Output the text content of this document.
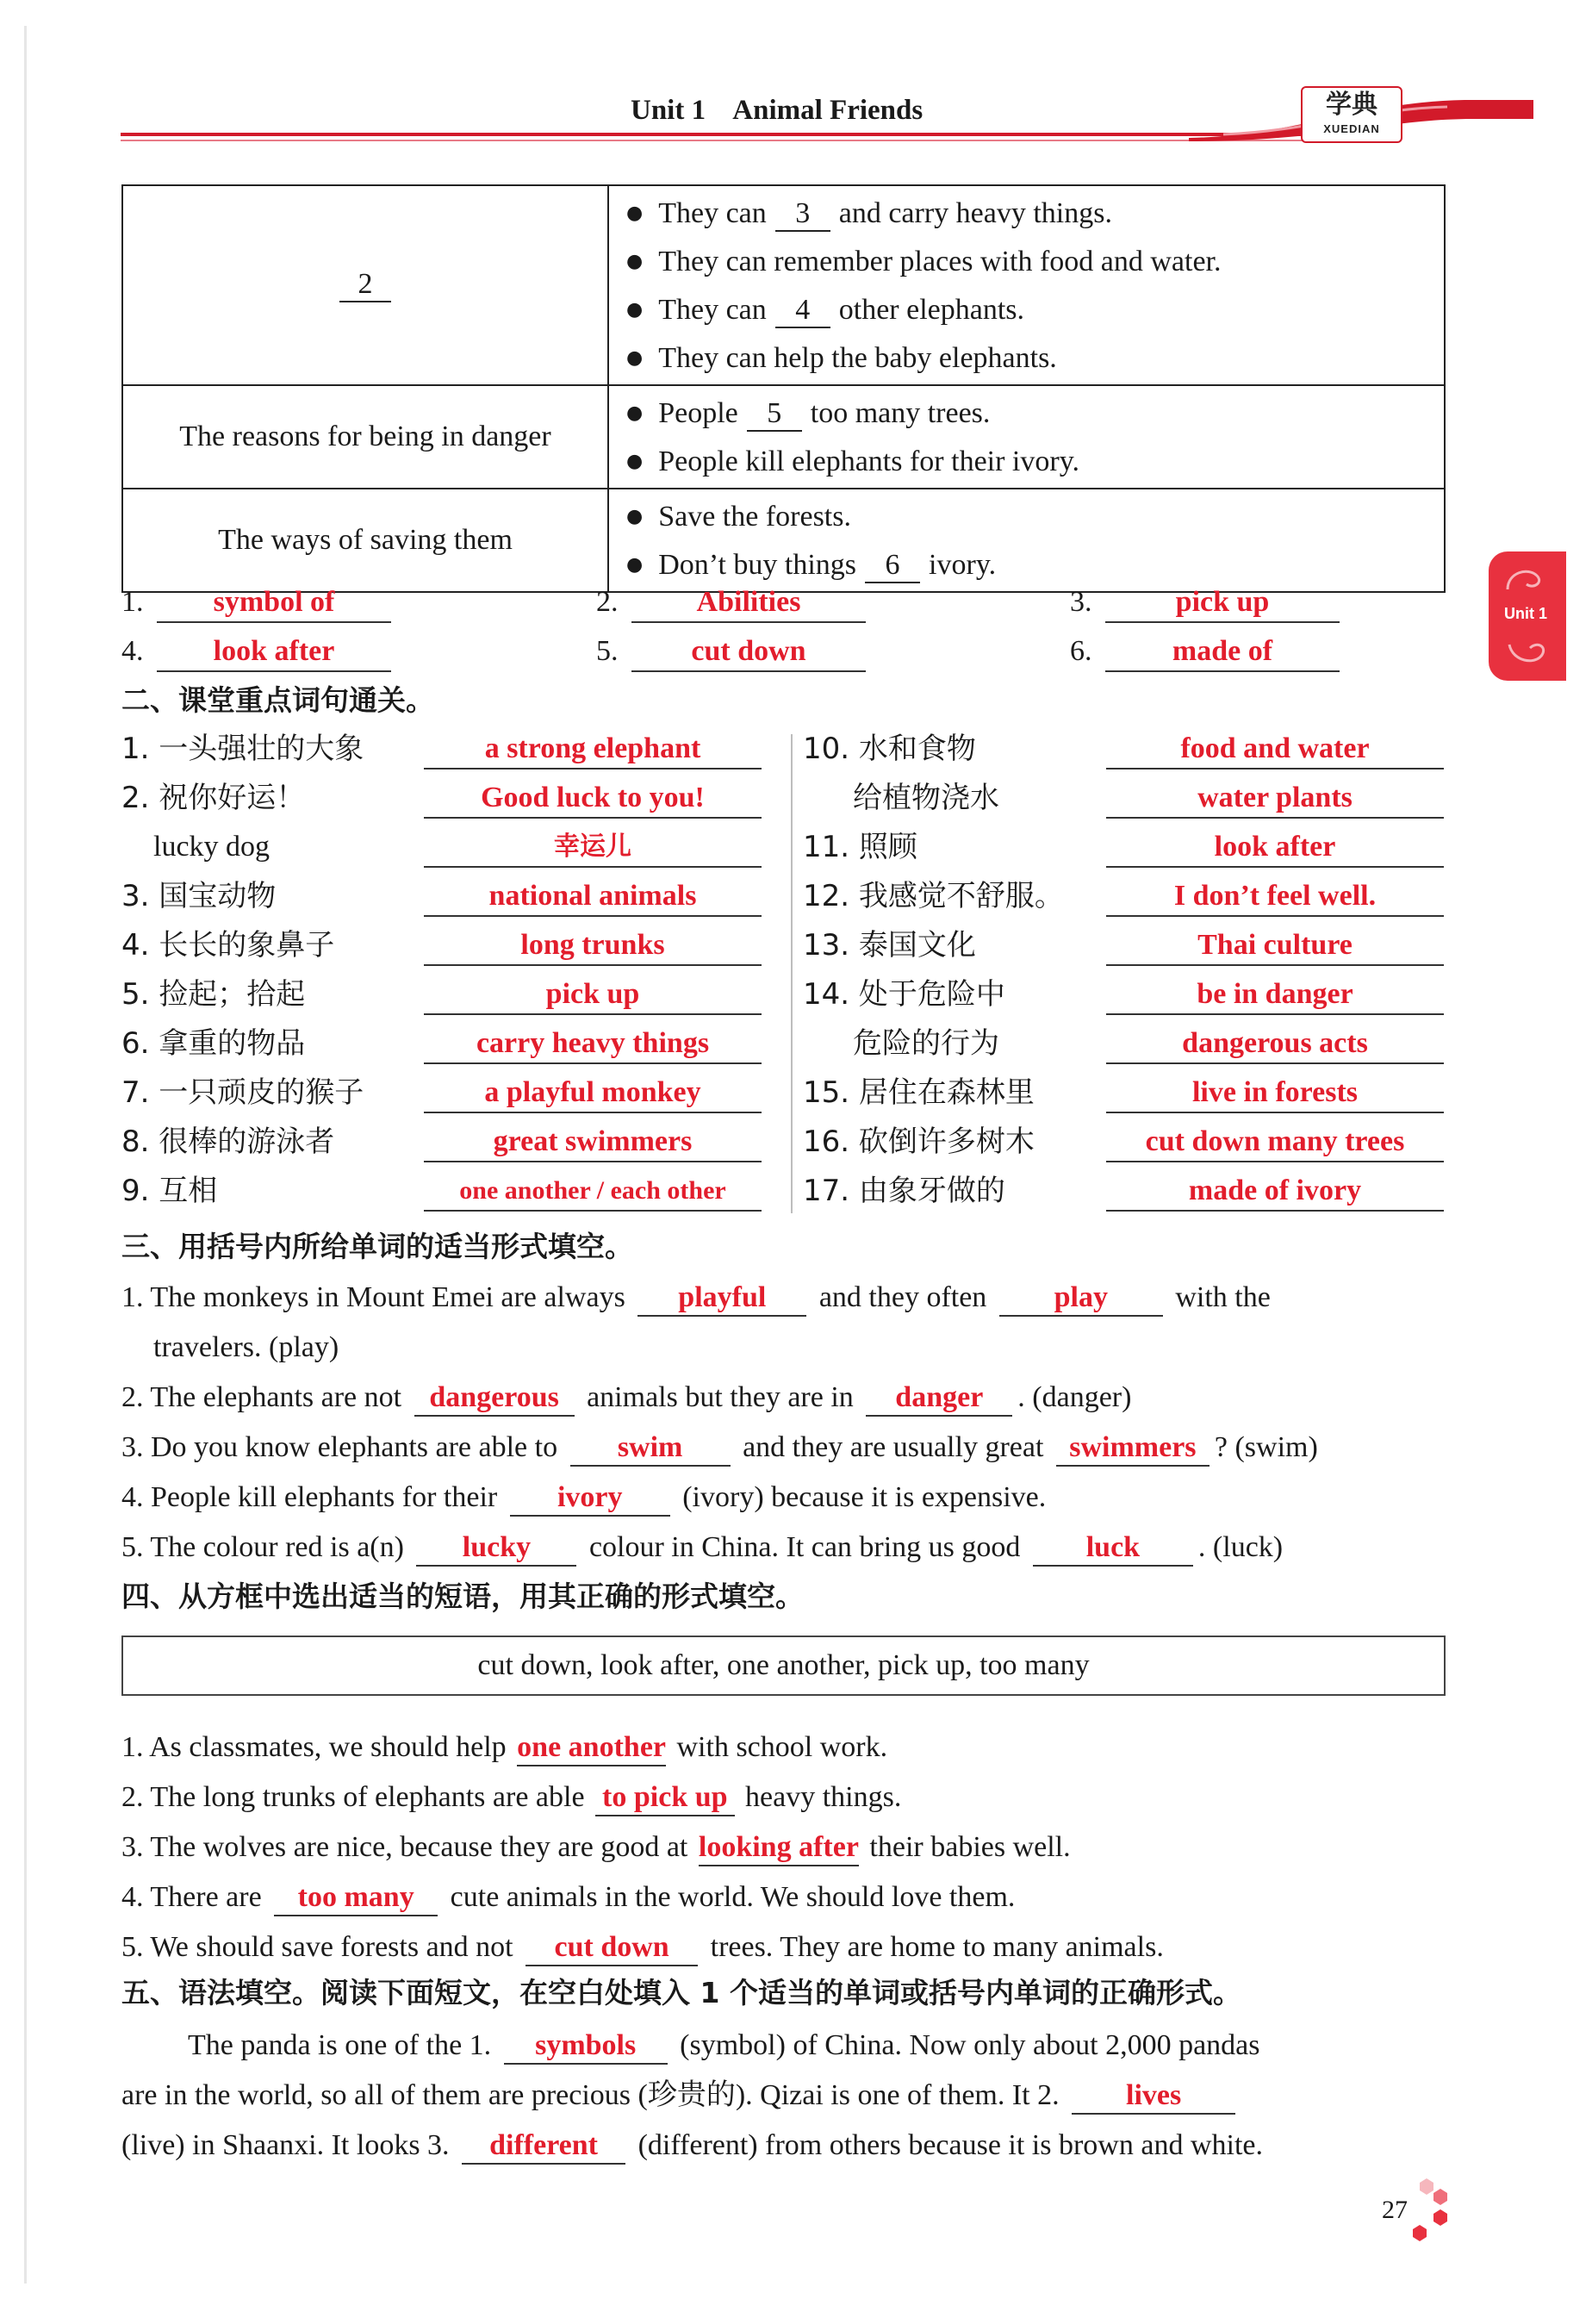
Unit 1    Animal Friends	学典
XUEDIAN
Unit 1
2	● They can 3 and carry heavy things.
● They can remember places with food and water.
● They can 4 other elephants.
● They can help the baby elephants.

The reasons for being in danger	● People 5 too many trees.
● People kill elephants for their ivory.

The ways of saving them	● Save the forests.
● Don’t buy things 6 ivory.
1.	symbol of	2.	Abilities	3.	pick up
4.	look after	5.	cut down	6.	made of
二、课堂重点词句通关。
1. 一头强壮的大象	a strong elephant
2. 祝你好运！	Good luck to you!
lucky dog	幸运儿
3. 国宝动物	national animals
4. 长长的象鼻子	long trunks
5. 捡起；拾起	pick up
6. 拿重的物品	carry heavy things
7. 一只顽皮的猴子	a playful monkey
8. 很棒的游泳者	great swimmers
9. 互相	one another / each other
10. 水和食物	food and water
给植物浇水	water plants
11. 照顾	look after
12. 我感觉不舒服。	I don’t feel well.
13. 泰国文化	Thai culture
14. 处于危险中	be in danger
危险的行为	dangerous acts
15. 居住在森林里	live in forests
16. 砍倒许多树木	cut down many trees
17. 由象牙做的	made of ivory
三、用括号内所给单词的适当形式填空。
1. The monkeys in Mount Emei are always playful and they often play with the
travelers. (play)
2. The elephants are not dangerous animals but they are in danger . (danger)
3. Do you know elephants are able to swim and they are usually great swimmers ? (swim)
4. People kill elephants for their ivory (ivory) because it is expensive.
5. The colour red is a(n) lucky colour in China. It can bring us good luck . (luck)
四、从方框中选出适当的短语，用其正确的形式填空。
cut down, look after, one another, pick up, too many
1. As classmates, we should help one another with school work.
2. The long trunks of elephants are able to pick up heavy things.
3. The wolves are nice, because they are good at looking after their babies well.
4. There are too many cute animals in the world. We should love them.
5. We should save forests and not cut down trees. They are home to many animals.
五、语法填空。阅读下面短文，在空白处填入 1 个适当的单词或括号内单词的正确形式。
The panda is one of the 1. symbols (symbol) of China. Now only about 2,000 pandas
are in the world, so all of them are precious (珍贵的). Qizai is one of them. It 2. lives
(live) in Shaanxi. It looks 3. different (different) from others because it is brown and white.
27
